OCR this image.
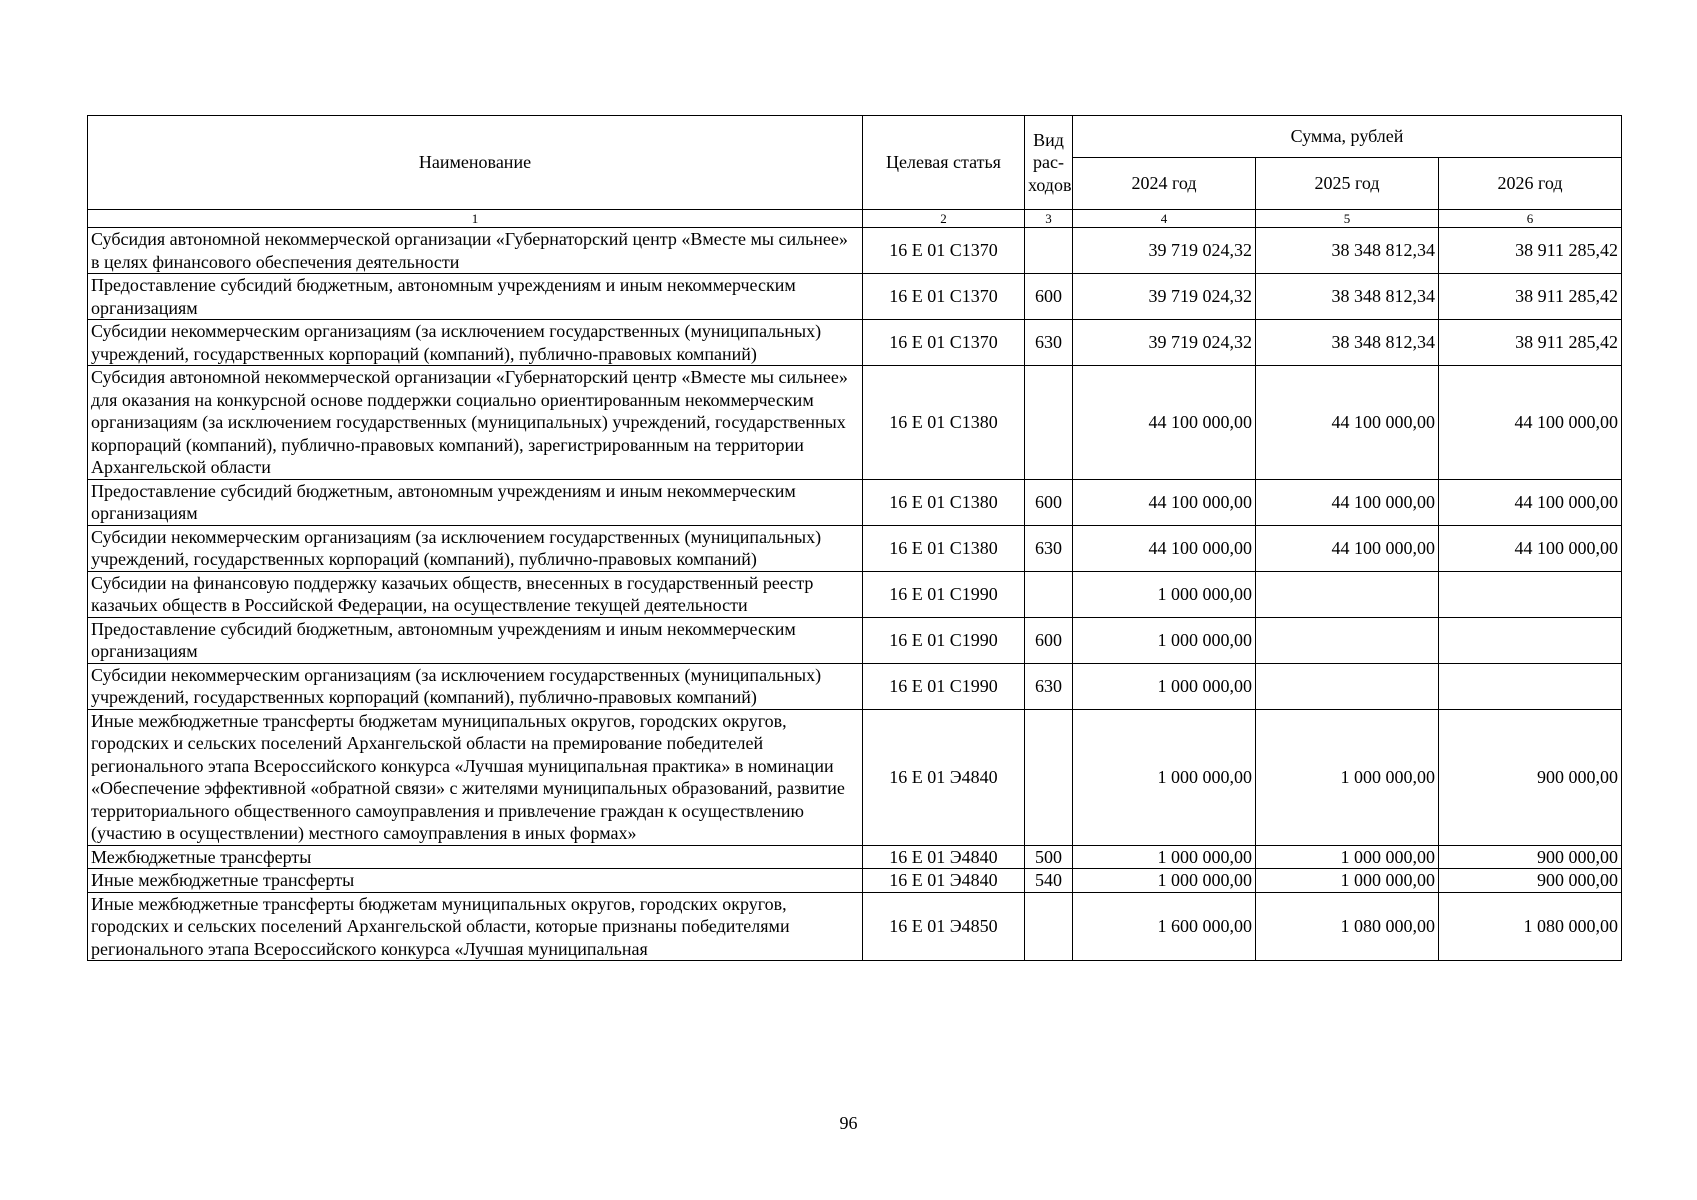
Наименование	Целевая статья	Вид рас-ходов	Сумма, рублей		
			2024 год	2025 год	2026 год
1	2	3	4	5	6
Субсидия автономной некоммерческой организации «Губернаторский центр «Вместе мы сильнее» в целях финансового обеспечения деятельности	16 Е 01 С1370		39 719 024,32	38 348 812,34	38 911 285,42
Предоставление субсидий бюджетным, автономным учреждениям и иным некоммерческим организациям	16 Е 01 С1370	600	39 719 024,32	38 348 812,34	38 911 285,42
Субсидии некоммерческим организациям (за исключением государственных (муниципальных) учреждений, государственных корпораций (компаний), публично-правовых компаний)	16 Е 01 С1370	630	39 719 024,32	38 348 812,34	38 911 285,42
Субсидия автономной некоммерческой организации «Губернаторский центр «Вместе мы сильнее» для оказания на конкурсной основе поддержки социально ориентированным некоммерческим организациям (за исключением государственных (муниципальных) учреждений, государственных корпораций (компаний), публично-правовых компаний), зарегистрированным на территории Архангельской области	16 Е 01 С1380		44 100 000,00	44 100 000,00	44 100 000,00
Предоставление субсидий бюджетным, автономным учреждениям и иным некоммерческим организациям	16 Е 01 С1380	600	44 100 000,00	44 100 000,00	44 100 000,00
Субсидии некоммерческим организациям (за исключением государственных (муниципальных) учреждений, государственных корпораций (компаний), публично-правовых компаний)	16 Е 01 С1380	630	44 100 000,00	44 100 000,00	44 100 000,00
Субсидии на финансовую поддержку казачьих обществ, внесенных в государственный реестр казачьих обществ в Российской Федерации, на осуществление текущей деятельности	16 Е 01 С1990		1 000 000,00		
Предоставление субсидий бюджетным, автономным учреждениям и иным некоммерческим организациям	16 Е 01 С1990	600	1 000 000,00		
Субсидии некоммерческим организациям (за исключением государственных (муниципальных) учреждений, государственных корпораций (компаний), публично-правовых компаний)	16 Е 01 С1990	630	1 000 000,00		
Иные межбюджетные трансферты бюджетам муниципальных округов, городских округов, городских и сельских поселений Архангельской области на премирование победителей регионального этапа Всероссийского конкурса «Лучшая муниципальная практика» в номинации «Обеспечение эффективной «обратной связи» с жителями муниципальных образований, развитие территориального общественного самоуправления и привлечение граждан к осуществлению (участию в осуществлении) местного самоуправления в иных формах»	16 Е 01 Э4840		1 000 000,00	1 000 000,00	900 000,00
Межбюджетные трансферты	16 Е 01 Э4840	500	1 000 000,00	1 000 000,00	900 000,00
Иные межбюджетные трансферты	16 Е 01 Э4840	540	1 000 000,00	1 000 000,00	900 000,00
Иные межбюджетные трансферты бюджетам муниципальных округов, городских округов, городских и сельских поселений Архангельской области, которые признаны победителями регионального этапа Всероссийского конкурса «Лучшая муниципальная	16 Е 01 Э4850		1 600 000,00	1 080 000,00	1 080 000,00
96
